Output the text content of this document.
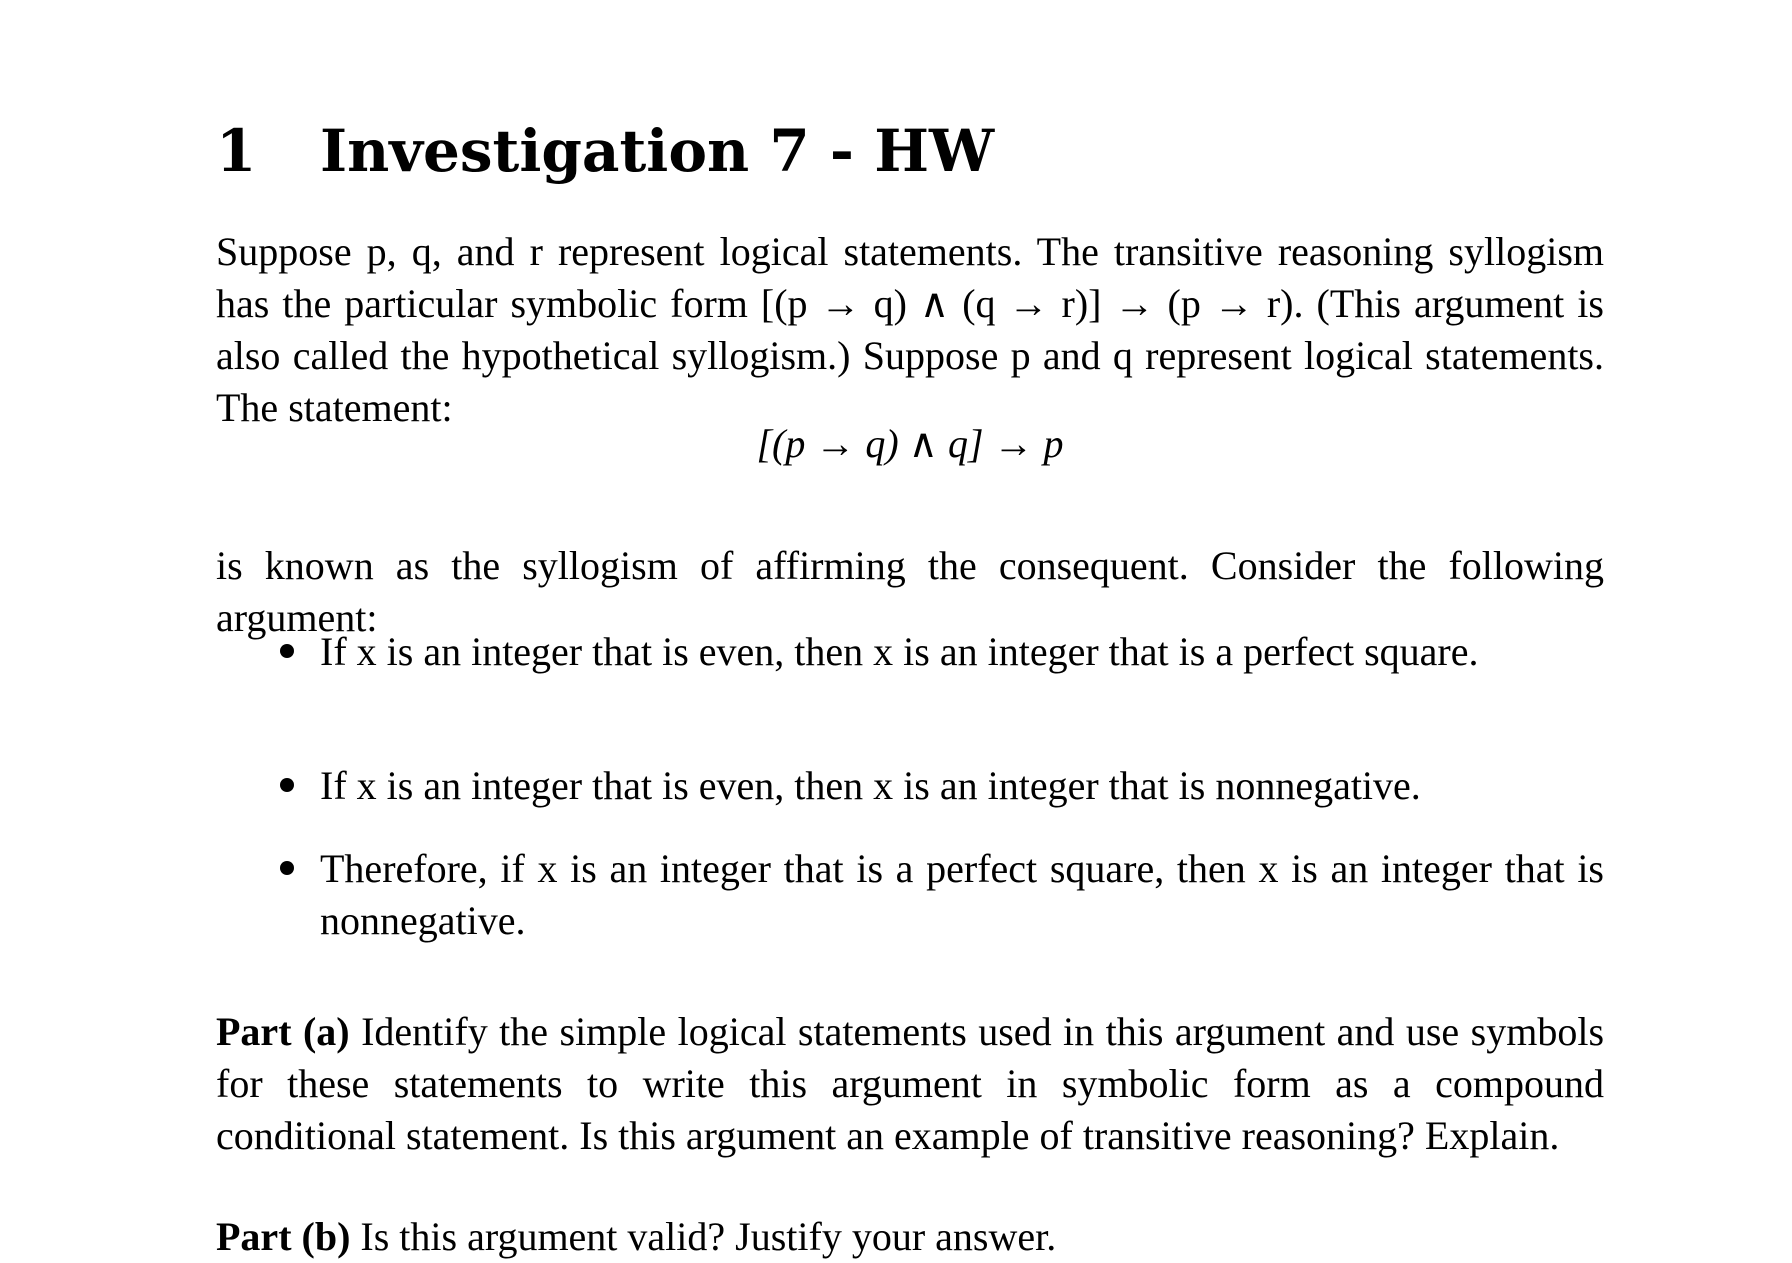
1 Investigation 7 - HW

Suppose p, q, and r represent logical statements. The transitive reasoning syllogism has the particular symbolic form [(p → q) ∧ (q → r)] → (p → r). (This argument is also called the hypothetical syllogism.) Suppose p and q represent logical statements. The statement:

[(p → q) ∧ q] → p

is known as the syllogism of affirming the consequent. Consider the following argument:

If x is an integer that is even, then x is an integer that is a perfect square.
If x is an integer that is even, then x is an integer that is nonnegative.
Therefore, if x is an integer that is a perfect square, then x is an integer that is nonnegative.

Part (a) Identify the simple logical statements used in this argument and use symbols for these statements to write this argument in symbolic form as a compound conditional statement. Is this argument an example of transitive reasoning? Explain.

Part (b) Is this argument valid? Justify your answer.
